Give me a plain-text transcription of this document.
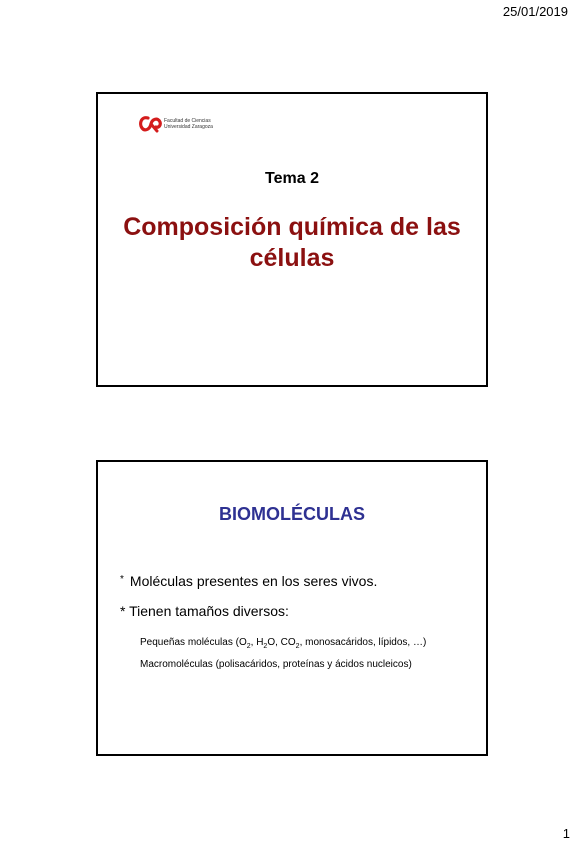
25/01/2019
Facultad de Ciencias
Universidad Zaragoza
Tema 2
Composición química de las
células
BIOMOLÉCULAS
* Moléculas presentes en los seres vivos.
* Tienen tamaños diversos:
Pequeñas moléculas ($O_2$, $H_2O$, $CO_2$, monosacáridos, lípidos, …)
Macromoléculas (polisacáridos, proteínas y ácidos nucleicos)
1
